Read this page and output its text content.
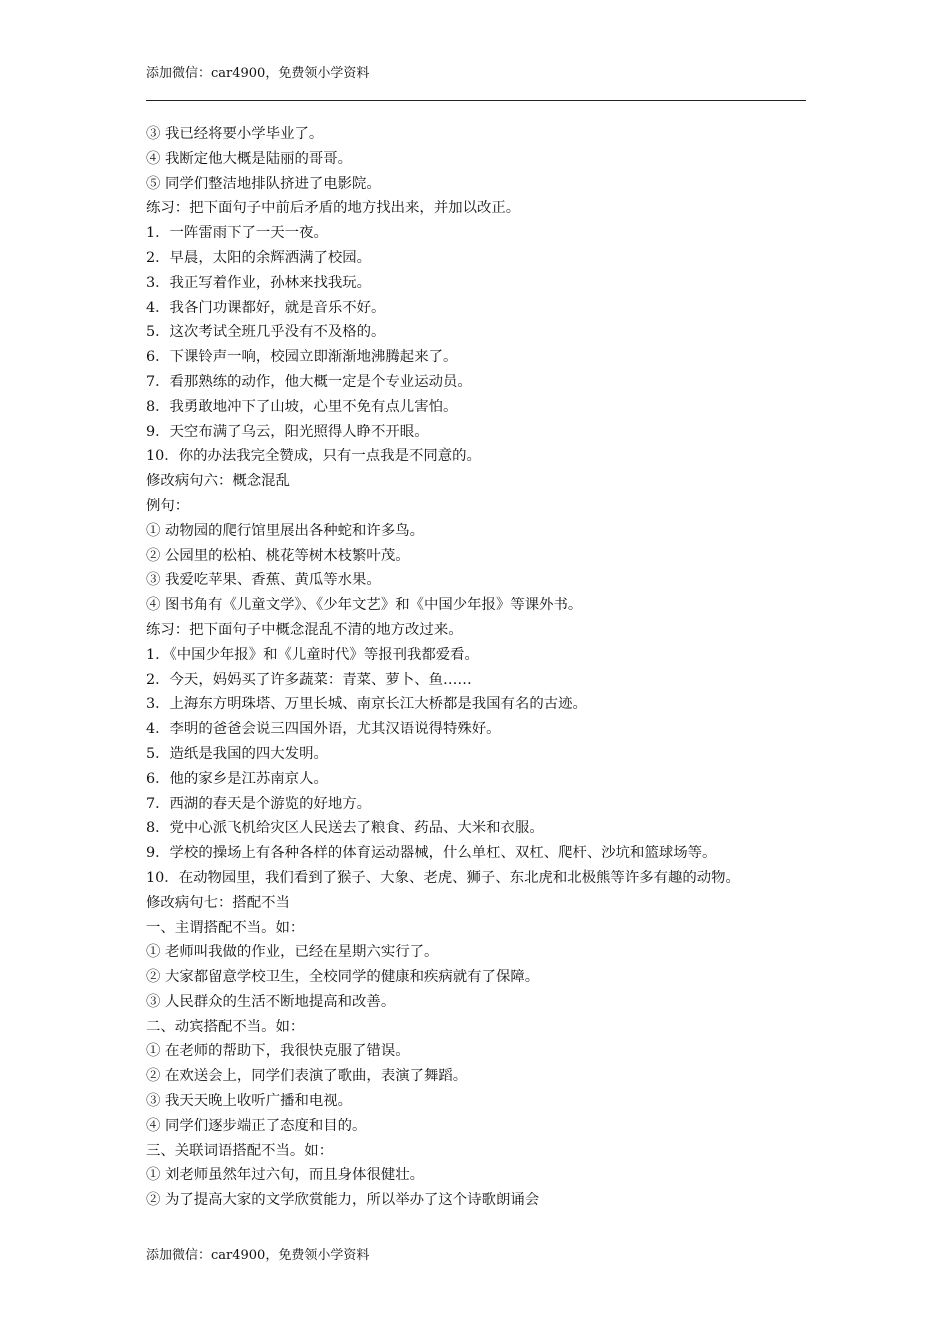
添加微信：car4900，免费领小学资料
③ 我已经将要小学毕业了。
④ 我断定他大概是陆丽的哥哥。
⑤ 同学们整洁地排队挤进了电影院。
练习：把下面句子中前后矛盾的地方找出来，并加以改正。
1．一阵雷雨下了一天一夜。
2．早晨，太阳的余辉洒满了校园。
3．我正写着作业，孙林来找我玩。
4．我各门功课都好，就是音乐不好。
5．这次考试全班几乎没有不及格的。
6．下课铃声一响，校园立即渐渐地沸腾起来了。
7．看那熟练的动作，他大概一定是个专业运动员。
8．我勇敢地冲下了山坡，心里不免有点儿害怕。
9．天空布满了乌云，阳光照得人睁不开眼。
10．你的办法我完全赞成，只有一点我是不同意的。
修改病句六：概念混乱
例句：
① 动物园的爬行馆里展出各种蛇和许多鸟。
② 公园里的松柏、桃花等树木枝繁叶茂。
③ 我爱吃苹果、香蕉、黄瓜等水果。
④ 图书角有《儿童文学》、《少年文艺》和《中国少年报》等课外书。
练习：把下面句子中概念混乱不清的地方改过来。
1．《中国少年报》和《儿童时代》等报刊我都爱看。
2．今天，妈妈买了许多蔬菜：青菜、萝卜、鱼……
3．上海东方明珠塔、万里长城、南京长江大桥都是我国有名的古迹。
4．李明的爸爸会说三四国外语，尤其汉语说得特殊好。
5．造纸是我国的四大发明。
6．他的家乡是江苏南京人。
7．西湖的春天是个游览的好地方。
8．党中心派飞机给灾区人民送去了粮食、药品、大米和衣服。
9．学校的操场上有各种各样的体育运动器械，什么单杠、双杠、爬杆、沙坑和篮球场等。
10．在动物园里，我们看到了猴子、大象、老虎、狮子、东北虎和北极熊等许多有趣的动物。
修改病句七：搭配不当
一、主谓搭配不当。如：
① 老师叫我做的作业，已经在星期六实行了。
② 大家都留意学校卫生，全校同学的健康和疾病就有了保障。
③ 人民群众的生活不断地提高和改善。
二、动宾搭配不当。如：
① 在老师的帮助下，我很快克服了错误。
② 在欢送会上，同学们表演了歌曲，表演了舞蹈。
③ 我天天晚上收听广播和电视。
④ 同学们逐步端正了态度和目的。
三、关联词语搭配不当。如：
① 刘老师虽然年过六旬，而且身体很健壮。
② 为了提高大家的文学欣赏能力，所以举办了这个诗歌朗诵会
添加微信：car4900，免费领小学资料
